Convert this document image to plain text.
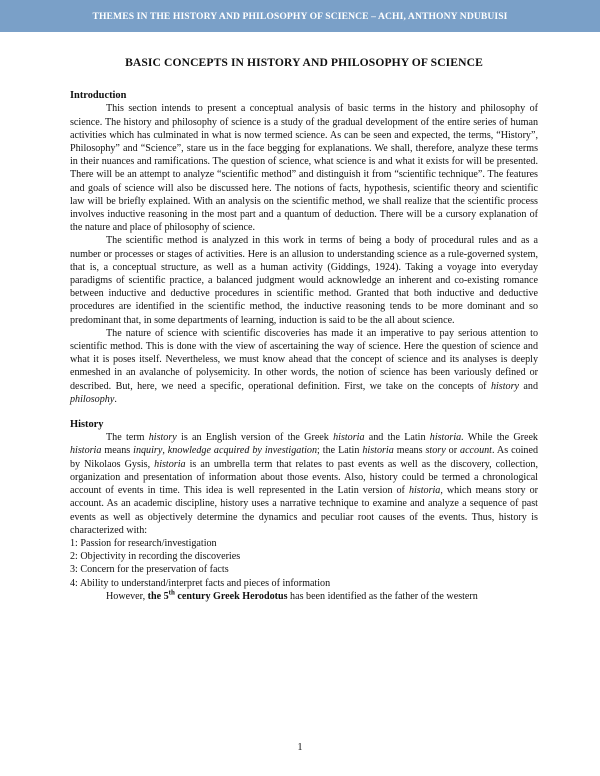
THEMES IN THE HISTORY AND PHILOSOPHY OF SCIENCE – ACHI, ANTHONY NDUBUISI
BASIC CONCEPTS IN HISTORY AND PHILOSOPHY OF SCIENCE
Introduction

This section intends to present a conceptual analysis of basic terms in the history and philosophy of science. The history and philosophy of science is a study of the gradual development of the entire series of human activities which has culminated in what is now termed science. As can be seen and expected, the terms, “History”, Philosophy” and “Science”, stare us in the face begging for explanations. We shall, therefore, analyze these terms in their nuances and ramifications. The question of science, what science is and what it exists for will be presented. There will be an attempt to analyze “scientific method” and distinguish it from “scientific technique”. The features and goals of science will also be discussed here. The notions of facts, hypothesis, scientific theory and scientific law will be briefly explained. With an analysis on the scientific method, we shall realize that the scientific process involves inductive reasoning in the most part and a quantum of deduction. There will be a cursory explanation of the nature and place of philosophy of science.

The scientific method is analyzed in this work in terms of being a body of procedural rules and as a number or processes or stages of activities. Here is an allusion to understanding science as a rule-governed system, that is, a conceptual structure, as well as a human activity (Giddings, 1924). Taking a voyage into everyday paradigms of scientific practice, a balanced judgment would acknowledge an inherent and co-existing romance between inductive and deductive procedures in scientific method. Granted that both inductive and deductive procedures are identified in the scientific method, the inductive reasoning tends to be more dominant and so predominant that, in some departments of learning, induction is said to be the all about science.

The nature of science with scientific discoveries has made it an imperative to pay serious attention to scientific method. This is done with the view of ascertaining the way of science. Here the question of science and what it is poses itself. Nevertheless, we must know ahead that the concept of science and its analyses is deeply enmeshed in an avalanche of polysemicity. In other words, the notion of science has been variously defined or described. But, here, we need a specific, operational definition. First, we take on the concepts of history and philosophy.

History

The term history is an English version of the Greek historia and the Latin historia. While the Greek historia means inquiry, knowledge acquired by investigation; the Latin historia means story or account. As coined by Nikolaos Gysis, historia is an umbrella term that relates to past events as well as the discovery, collection, organization and presentation of information about those events. Also, history could be termed a chronological account of events in time. This idea is well represented in the Latin version of historia, which means story or account. As an academic discipline, history uses a narrative technique to examine and analyze a sequence of past events as well as objectively determine the dynamics and peculiar root causes of the events. Thus, history is characterized with:

1: Passion for research/investigation
2: Objectivity in recording the discoveries
3: Concern for the preservation of facts
4: Ability to understand/interpret facts and pieces of information

However, the 5th century Greek Herodotus has been identified as the father of the western

1
